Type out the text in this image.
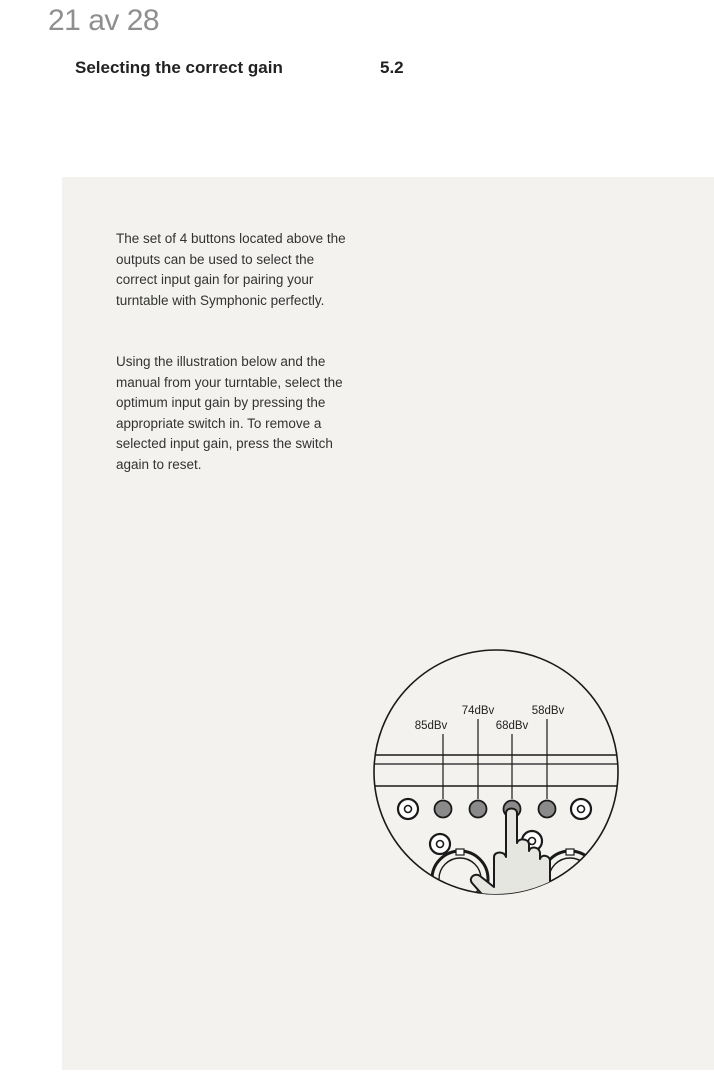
21 av 28
Selecting the correct gain	5.2

The set of 4 buttons located above the outputs can be used to select the correct input gain for pairing your turntable with Symphonic perfectly.

Using the illustration below and the manual from your turntable, select the optimum input gain by pressing the appropriate switch in. To remove a selected input gain, press the switch again to reset.

85dBv
74dBv
68dBv
58dBv
